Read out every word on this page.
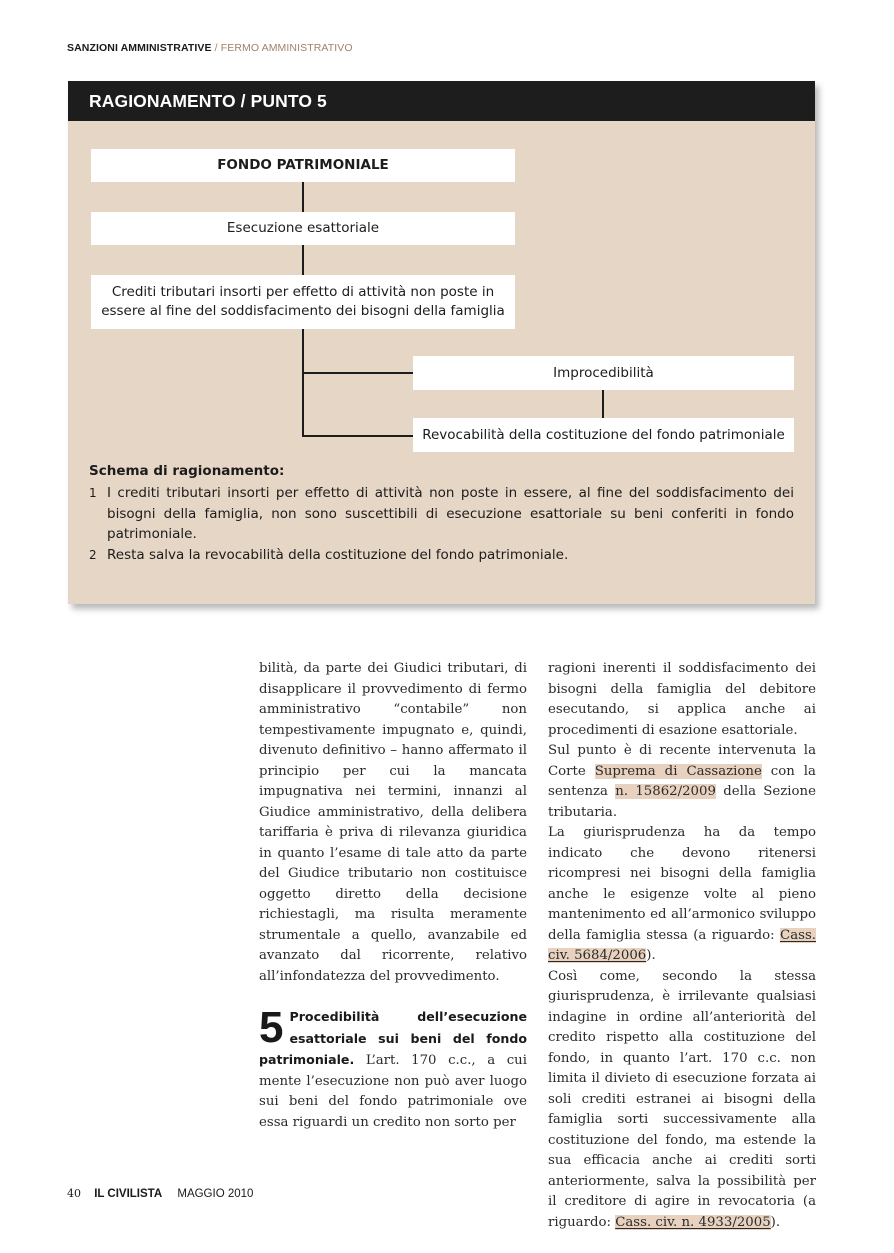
SANZIONI AMMINISTRATIVE / FERMO AMMINISTRATIVO
RAGIONAMENTO / PUNTO 5
FONDO PATRIMONIALE
Esecuzione esattoriale
Crediti tributari insorti per effetto di attività non poste in
essere al fine del soddisfacimento dei bisogni della famiglia
Improcedibilità
Revocabilità della costituzione del fondo patrimoniale
Schema di ragionamento:
1 I crediti tributari insorti per effetto di attività non poste in essere, al fine del soddisfacimento dei bisogni della famiglia, non sono suscettibili di esecuzione esattoriale su beni conferiti in fondo patrimoniale.
2 Resta salva la revocabilità della costituzione del fondo patrimoniale.

bilità, da parte dei Giudici tributari, di disapplicare il provvedimento di fermo amministrativo “contabile” non tempestivamente impugnato e, quindi, divenuto definitivo – hanno affermato il principio per cui la mancata impugnativa nei termini, innanzi al Giudice amministrativo, della delibera tariffaria è priva di rilevanza giuridica in quanto l’esame di tale atto da parte del Giudice tributario non costituisce oggetto diretto della decisione richiestagli, ma risulta meramente strumentale a quello, avanzabile ed avanzato dal ricorrente, relativo all’infondatezza del provvedimento.

5 Procedibilità dell’esecuzione esattoriale sui beni del fondo patrimoniale. L’art. 170 c.c., a cui mente l’esecuzione non può aver luogo sui beni del fondo patrimoniale ove essa riguardi un credito non sorto per

ragioni inerenti il soddisfacimento dei bisogni della famiglia del debitore esecutando, si applica anche ai procedimenti di esazione esattoriale.

Sul punto è di recente intervenuta la Corte Suprema di Cassazione con la sentenza n. 15862/2009 della Sezione tributaria.

La giurisprudenza ha da tempo indicato che devono ritenersi ricompresi nei bisogni della famiglia anche le esigenze volte al pieno mantenimento ed all’armonico sviluppo della famiglia stessa (a riguardo: Cass. civ. 5684/2006).

Così come, secondo la stessa giurisprudenza, è irrilevante qualsiasi indagine in ordine all’anteriorità del credito rispetto alla costituzione del fondo, in quanto l’art. 170 c.c. non limita il divieto di esecuzione forzata ai soli crediti estranei ai bisogni della famiglia sorti successivamente alla costituzione del fondo, ma estende la sua efficacia anche ai crediti sorti anteriormente, salva la possibilità per il creditore di agire in revocatoria (a riguardo: Cass. civ. n. 4933/2005).

40 IL CIVILISTA MAGGIO 2010
